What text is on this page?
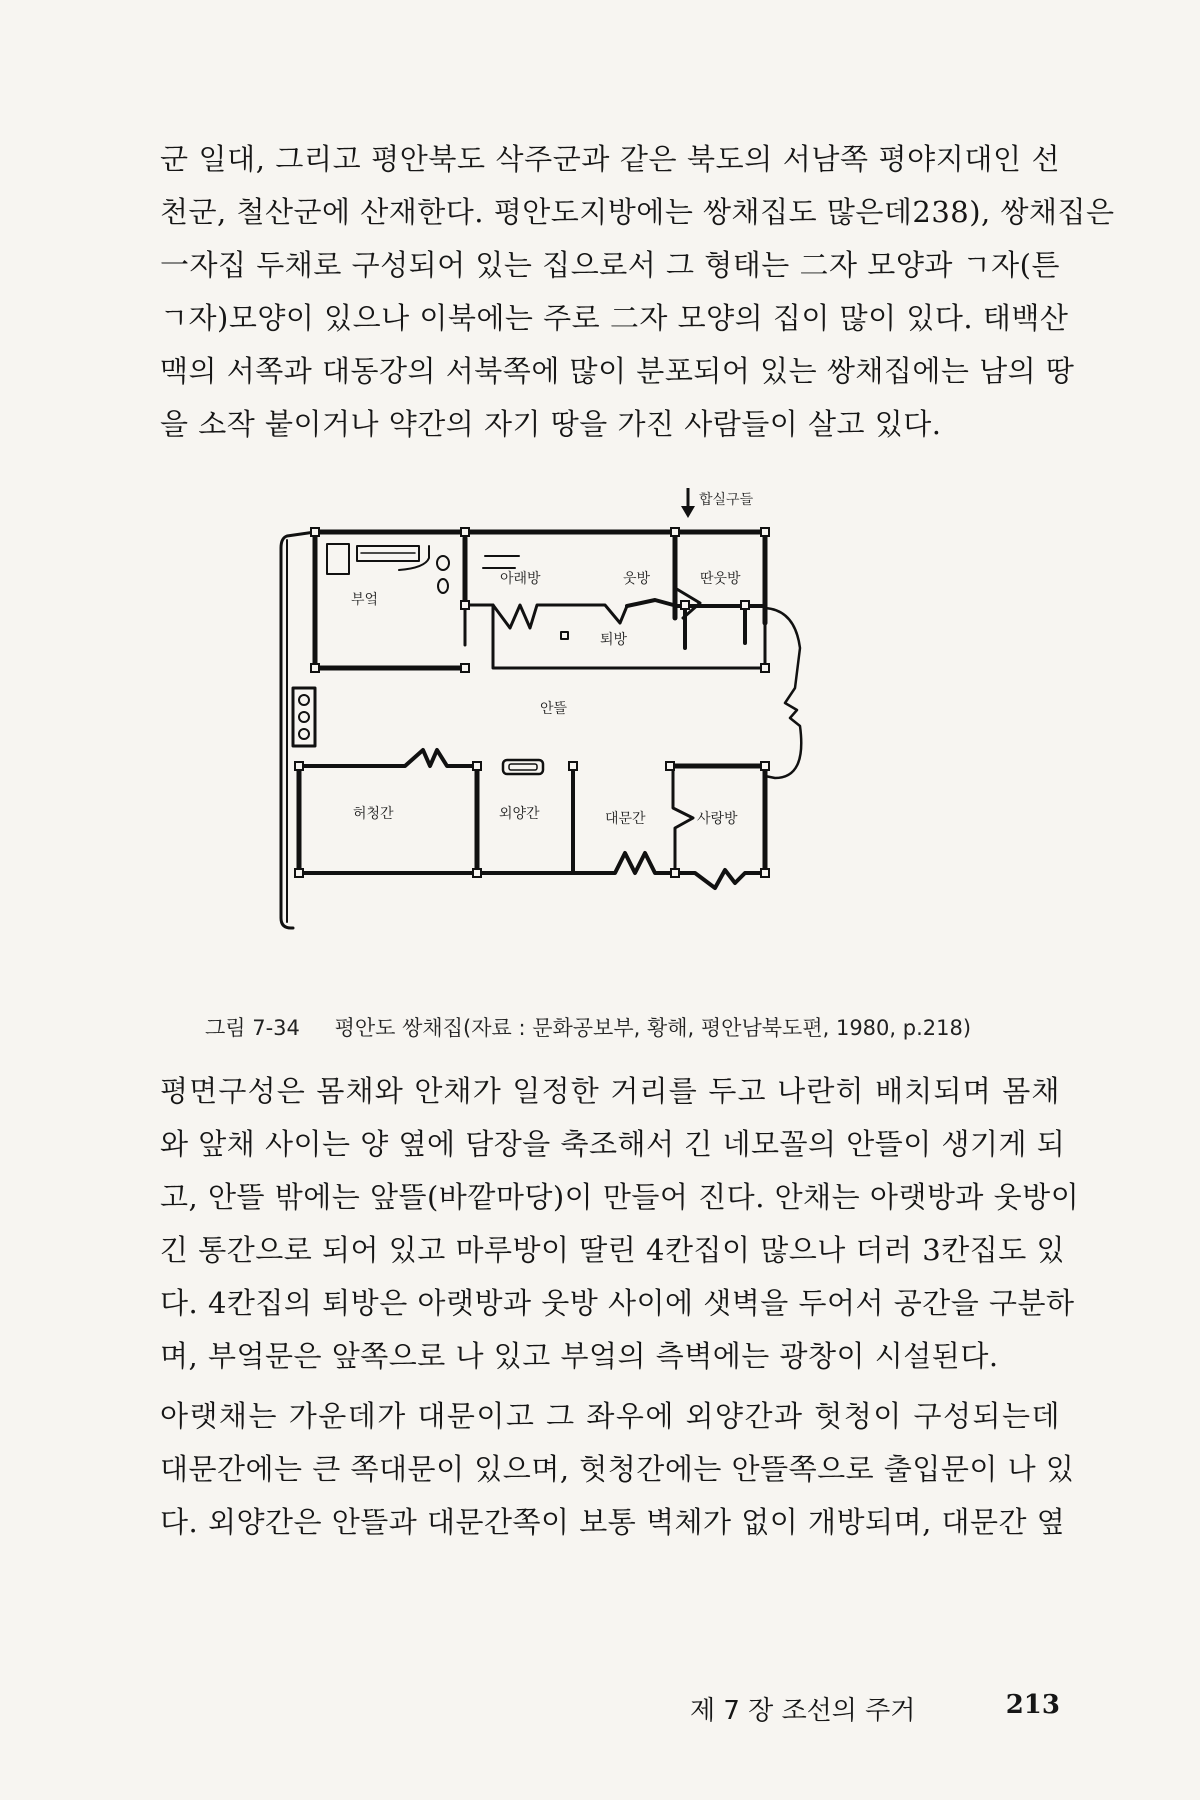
군 일대, 그리고 평안북도 삭주군과 같은 북도의 서남쪽 평야지대인 선
천군, 철산군에 산재한다. 평안도지방에는 쌍채집도 많은데238), 쌍채집은
一자집 두채로 구성되어 있는 집으로서 그 형태는 二자 모양과 ㄱ자(튼
ㄱ자)모양이 있으나 이북에는 주로 二자 모양의 집이 많이 있다. 태백산
맥의 서쪽과 대동강의 서북쪽에 많이 분포되어 있는 쌍채집에는 남의 땅
을 소작 붙이거나 약간의 자기 땅을 가진 사람들이 살고 있다.
합실구들
부엌
아래방	웃방	딴웃방
퇴방
안뜰
허청간	외양간	대문간	사랑방
그림 7-34 평안도 쌍채집(자료 : 문화공보부, 황해, 평안남북도편, 1980, p.218)
평면구성은 몸채와 안채가 일정한 거리를 두고 나란히 배치되며 몸채
와 앞채 사이는 양 옆에 담장을 축조해서 긴 네모꼴의 안뜰이 생기게 되
고, 안뜰 밖에는 앞뜰(바깥마당)이 만들어 진다. 안채는 아랫방과 웃방이
긴 통간으로 되어 있고 마루방이 딸린 4칸집이 많으나 더러 3칸집도 있
다. 4칸집의 퇴방은 아랫방과 웃방 사이에 샛벽을 두어서 공간을 구분하
며, 부엌문은 앞쪽으로 나 있고 부엌의 측벽에는 광창이 시설된다.
아랫채는 가운데가 대문이고 그 좌우에 외양간과 헛청이 구성되는데
대문간에는 큰 쪽대문이 있으며, 헛청간에는 안뜰쪽으로 출입문이 나 있
다. 외양간은 안뜰과 대문간쪽이 보통 벽체가 없이 개방되며, 대문간 옆
제 7 장 조선의 주거	213
